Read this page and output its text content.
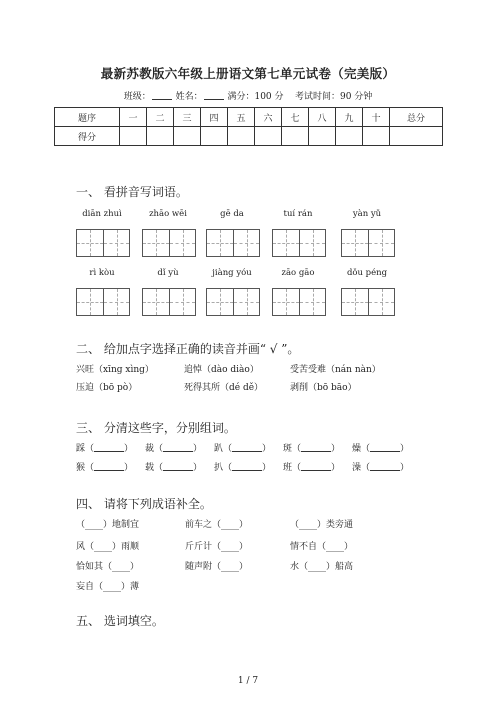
最新苏教版六年级上册语文第七单元试卷（完美版）
班级：	姓名：	满分：100 分 考试时间：90 分钟
题序	一	二	三	四	五	六	七	八	九	十	总分
得分											
一、 看拼音写词语。
diān zhuì	zhāo wēi	gē da	tuí rán	yàn yǔ
rì kòu	dǐ yù	jiàng yóu	zāo gāo	dǒu péng
二、 给加点字选择正确的读音并画“ √ ”。
兴旺（xīng xìng）	追悼（dào diào）	受苦受难（nán nàn）
压迫（bō pò）	死得其所（dé dě）	剥削（bō bāo）
三、 分清这些字，分别组词。
踩（	） 裁（	） 趴（	） 斑（	） 燥（	）
猴（	） 载（	） 扒（	） 班（	） 澡（	）
四、 请将下列成语补全。
（____）地制宜	前车之（____）	（____）类旁通
风（____）雨顺	斤斤计（____）	情不自（____）
恰如其（____）	随声附（____）	水（____）船高
妄自（____）薄
五、 选词填空。
1 / 7
